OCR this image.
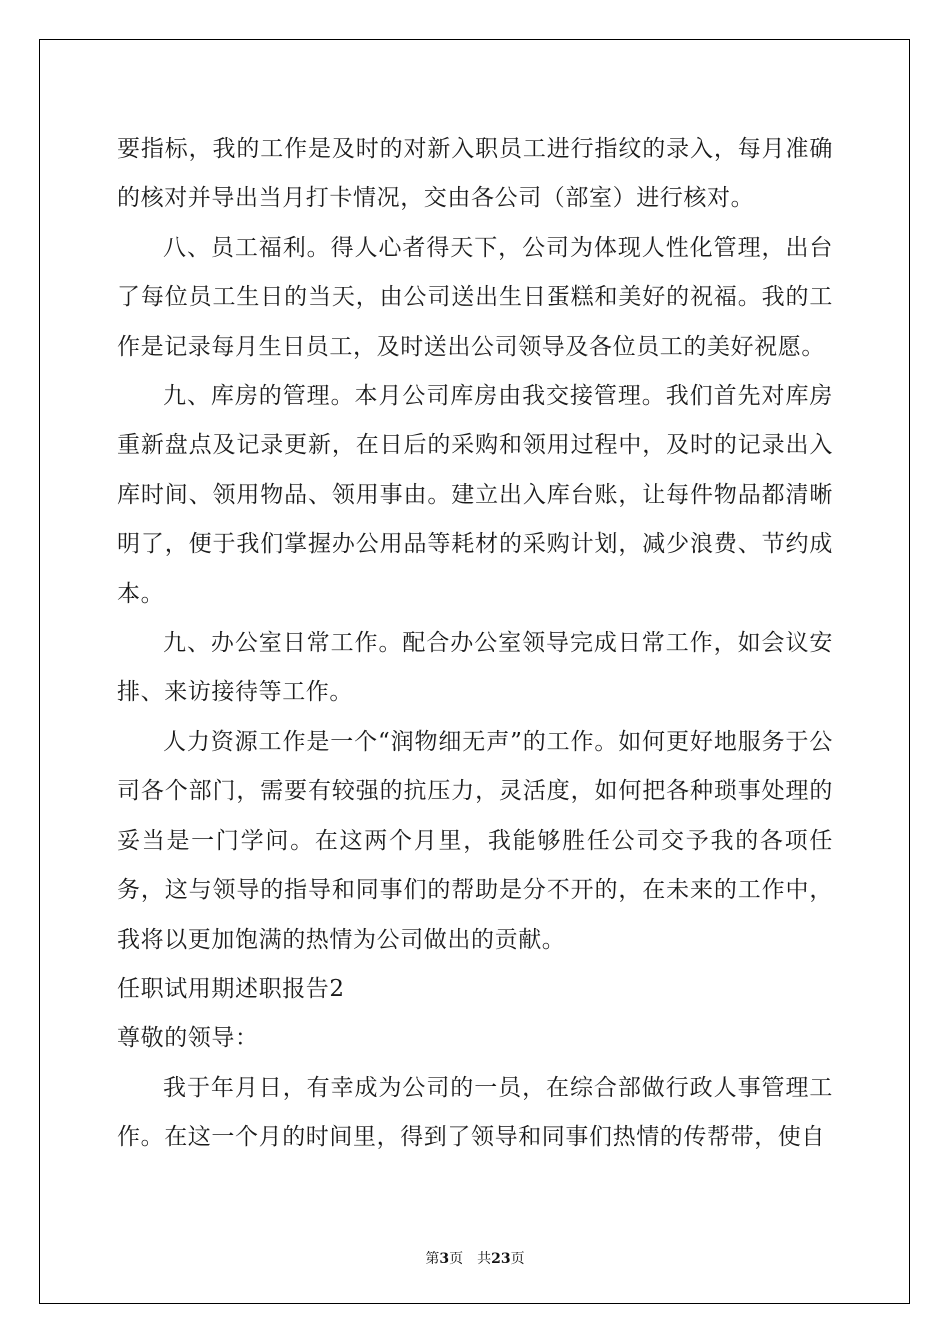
要指标，我的工作是及时的对新入职员工进行指纹的录入，每月准确的核对并导出当月打卡情况，交由各公司（部室）进行核对。

八、员工福利。得人心者得天下，公司为体现人性化管理，出台了每位员工生日的当天，由公司送出生日蛋糕和美好的祝福。我的工作是记录每月生日员工，及时送出公司领导及各位员工的美好祝愿。

九、库房的管理。本月公司库房由我交接管理。我们首先对库房重新盘点及记录更新，在日后的采购和领用过程中，及时的记录出入库时间、领用物品、领用事由。建立出入库台账，让每件物品都清晰明了，便于我们掌握办公用品等耗材的采购计划，减少浪费、节约成本。

九、办公室日常工作。配合办公室领导完成日常工作，如会议安排、来访接待等工作。

人力资源工作是一个“润物细无声”的工作。如何更好地服务于公司各个部门，需要有较强的抗压力，灵活度，如何把各种琐事处理的妥当是一门学问。在这两个月里，我能够胜任公司交予我的各项任务，这与领导的指导和同事们的帮助是分不开的，在未来的工作中，我将以更加饱满的热情为公司做出的贡献。

任职试用期述职报告2

尊敬的领导：

我于年月日，有幸成为公司的一员，在综合部做行政人事管理工作。在这一个月的时间里，得到了领导和同事们热情的传帮带，使自

第3页 共23页
